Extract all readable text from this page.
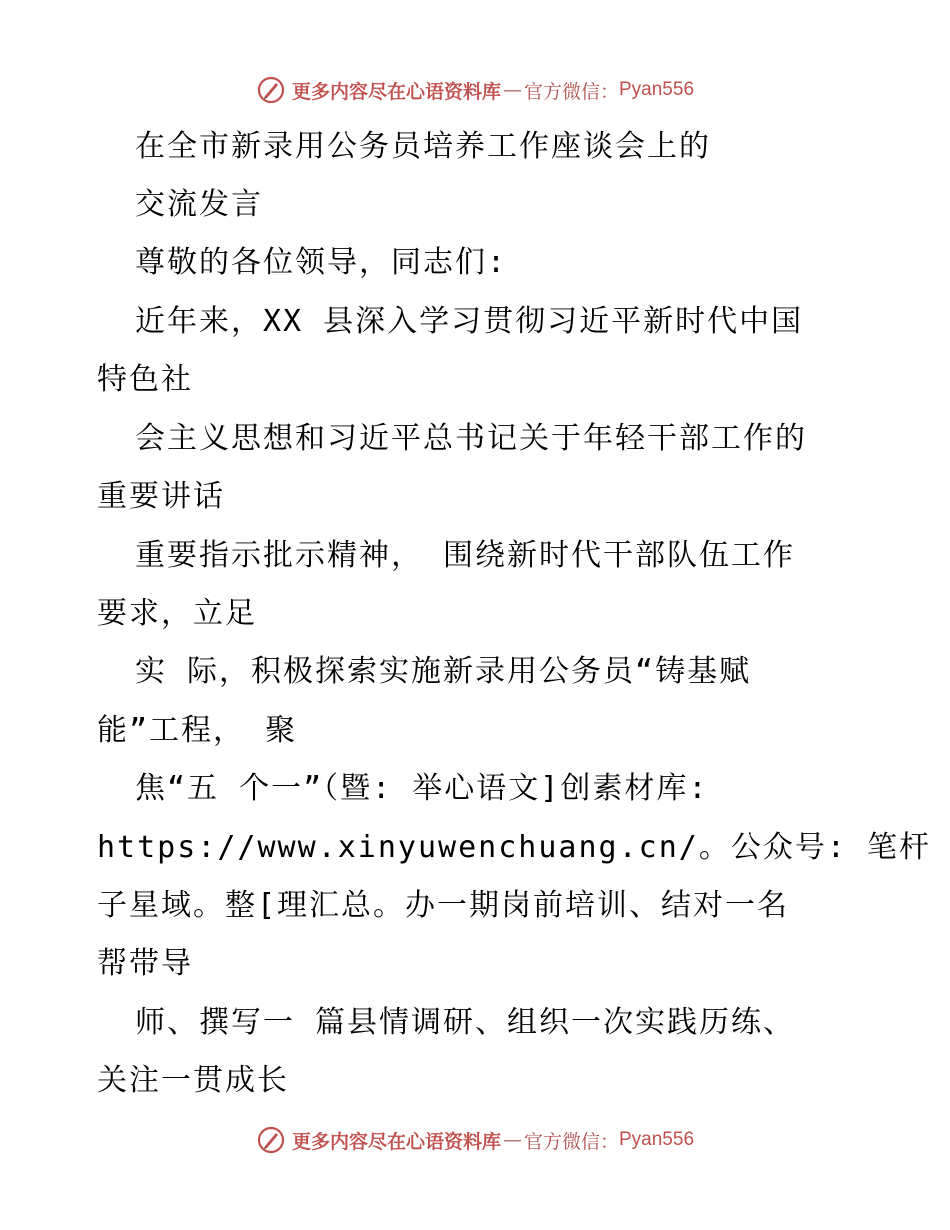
更多内容尽在心语资料库 — 官方微信： Pyan556
在全市新录用公务员培养工作座谈会上的
交流发言
尊敬的各位领导，同志们:
近年来，XX 县深入学习贯彻习近平新时代中国
特色社
会主义思想和习近平总书记关于年轻干部工作的
重要讲话
重要指示批示精神， 围绕新时代干部队伍工作
要求，立足
实 际，积极探索实施新录用公务员“铸基赋
能”工程， 聚
焦“五 个一”（暨: 举心语文]创素材库:
https://www.xinyuwenchuang.cn/。公众号: 笔杆
子星域。整[理汇总。办一期岗前培训、结对一名
帮带导
师、撰写一 篇县情调研、组织一次实践历练、
关注一贯成长
更多内容尽在心语资料库 — 官方微信： Pyan556
